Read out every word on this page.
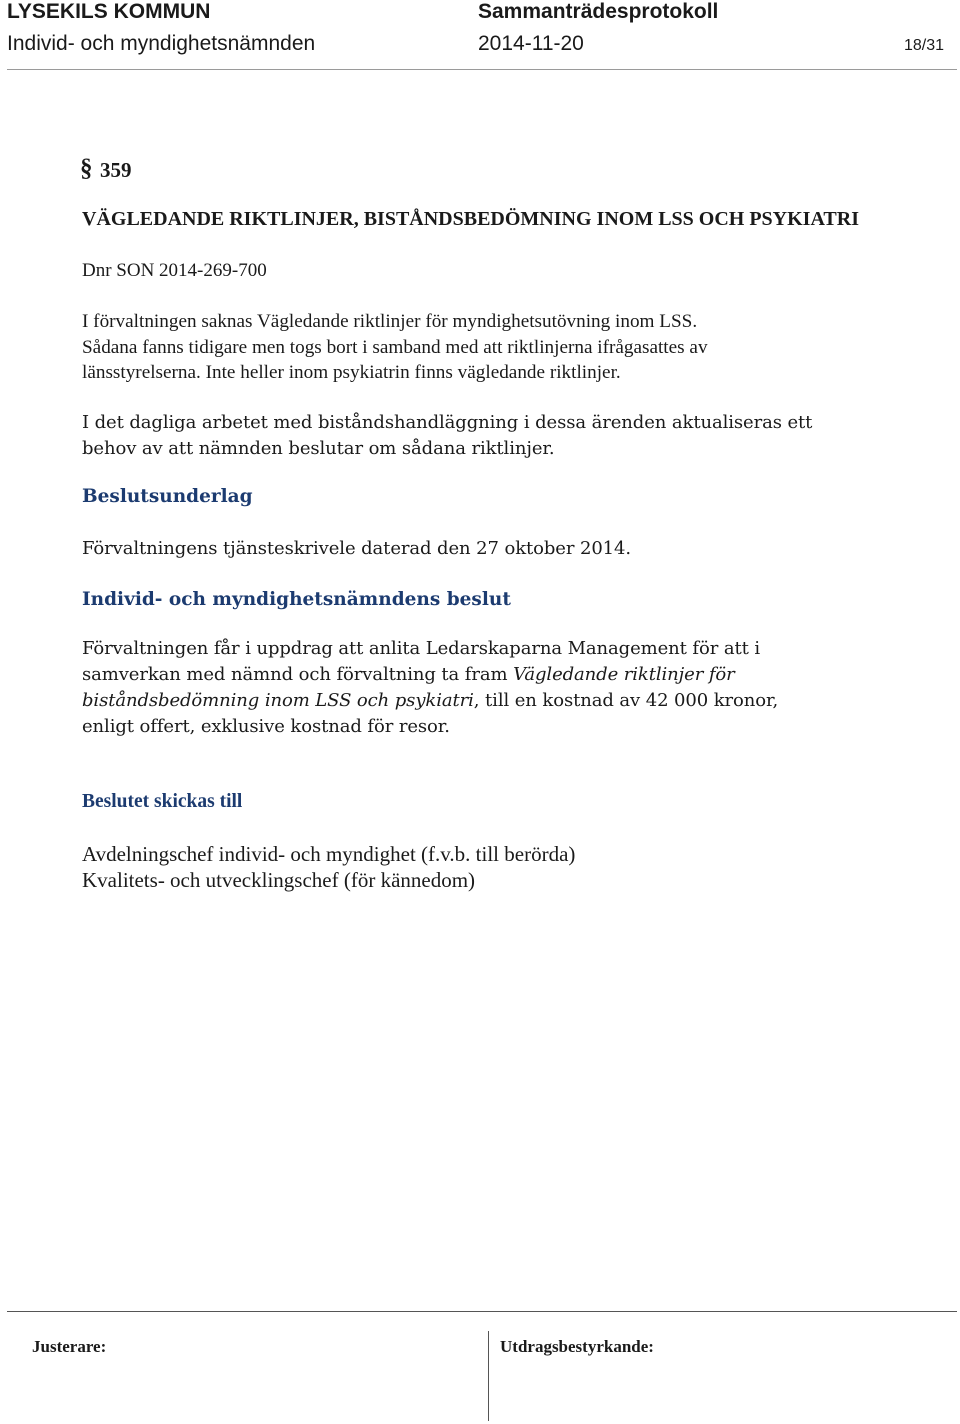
LYSEKILS KOMMUN	Sammanträdesprotokoll
Individ- och myndighetsnämnden	2014-11-20	18/31
§ 359
VÄGLEDANDE RIKTLINJER, BISTÅNDSBEDÖMNING INOM LSS OCH PSYKIATRI
Dnr SON 2014-269-700
I förvaltningen saknas Vägledande riktlinjer för myndighetsutövning inom LSS.
Sådana fanns tidigare men togs bort i samband med att riktlinjerna ifrågasattes av
länsstyrelserna. Inte heller inom psykiatrin finns vägledande riktlinjer.
I det dagliga arbetet med biståndshandläggning i dessa ärenden aktualiseras ett
behov av att nämnden beslutar om sådana riktlinjer.
Beslutsunderlag
Förvaltningens tjänsteskrivele daterad den 27 oktober 2014.
Individ- och myndighetsnämndens beslut
Förvaltningen får i uppdrag att anlita Ledarskaparna Management för att i
samverkan med nämnd och förvaltning ta fram Vägledande riktlinjer för
biståndsbedömning inom LSS och psykiatri, till en kostnad av 42 000 kronor,
enligt offert, exklusive kostnad för resor.
Beslutet skickas till
Avdelningschef individ- och myndighet (f.v.b. till berörda)
Kvalitets- och utvecklingschef (för kännedom)
Justerare:	Utdragsbestyrkande:
